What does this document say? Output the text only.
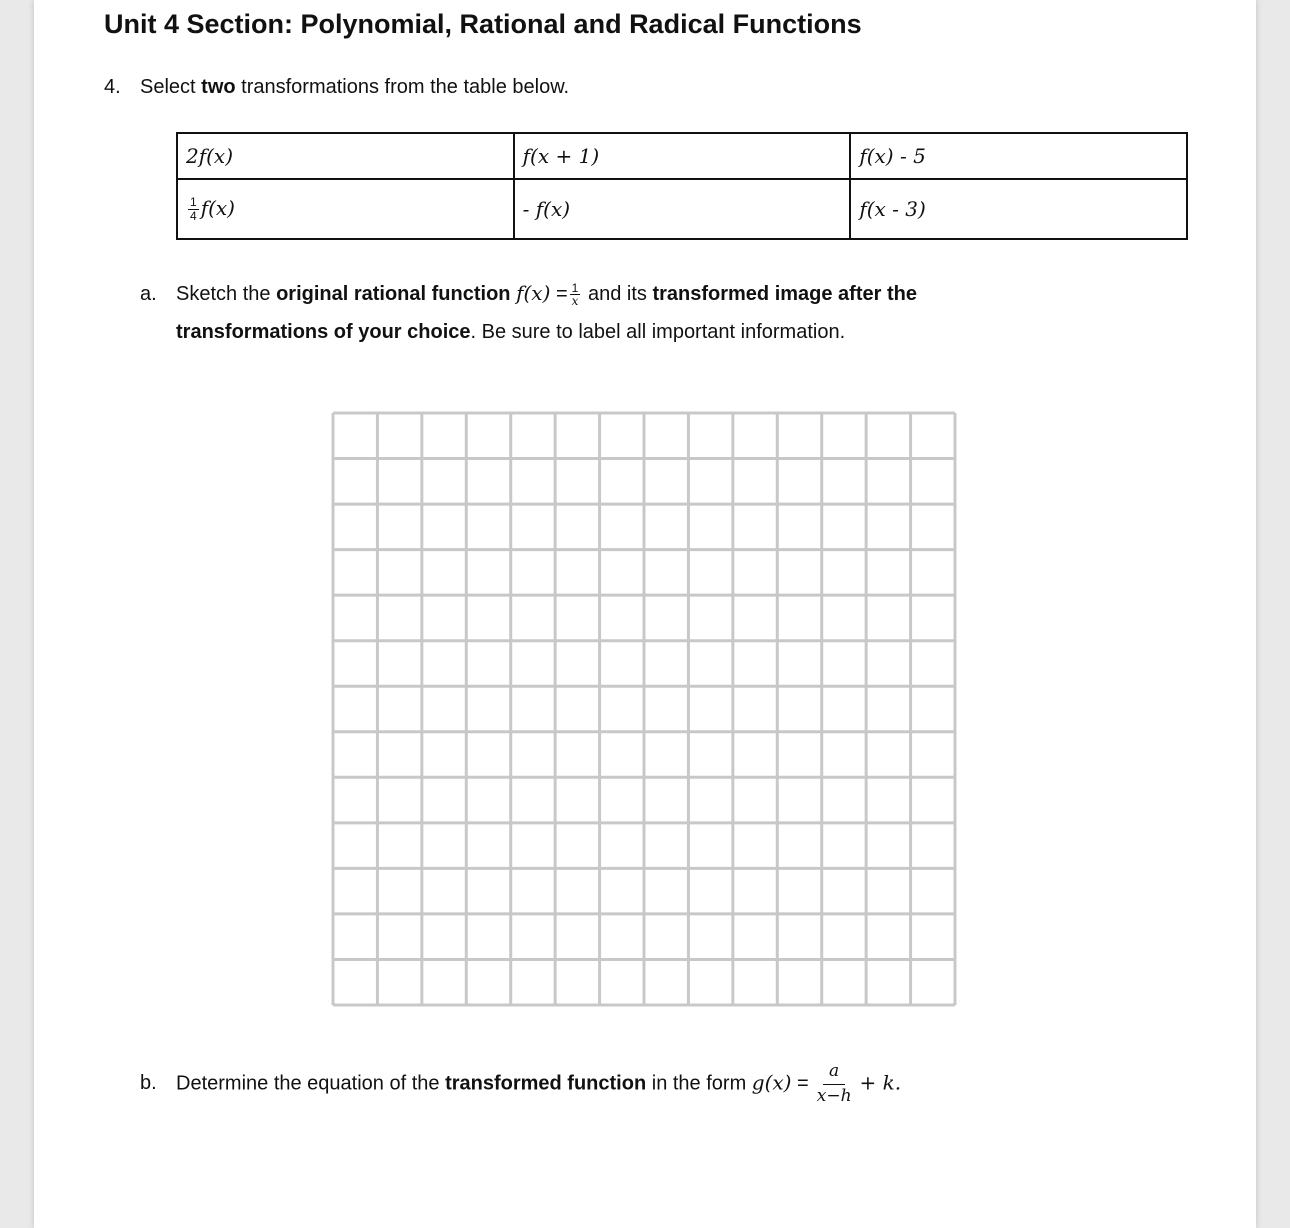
Unit 4 Section: Polynomial, Rational and Radical Functions
4. Select two transformations from the table below.
2f(x)	f(x + 1)	f(x) - 5

$\frac{1}{4} f(x)$	- f(x)	f(x - 3)
a. Sketch the original rational function $f(x) = \frac{1}{x}$ and its transformed image after the
transformations of your choice. Be sure to label all important information.
b. Determine the equation of the transformed function in the form $g(x) = \frac{a}{x-h} + k$.
